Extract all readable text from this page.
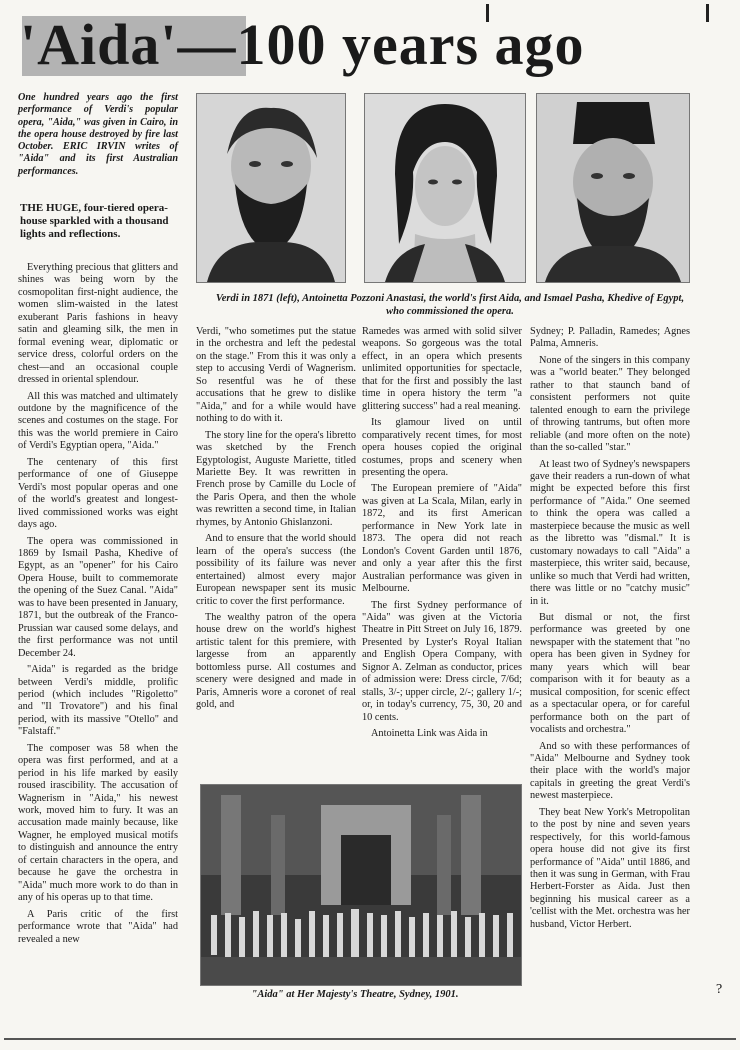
'Aida'—100 years ago
One hundred years ago the first performance of Verdi's popular opera, "Aida," was given in Cairo, in the opera house destroyed by fire last October. ERIC IRVIN writes of "Aida" and its first Australian performances.
THE HUGE, four-tiered opera-house sparkled with a thousand lights and reflections.
Verdi in 1871 (left), Antoinetta Pozzoni Anastasi, the world's first Aida, and Ismael Pasha, Khedive of Egypt, who commissioned the opera.

Everything precious that glitters and shines was being worn by the cosmopolitan first-night audience, the women slim-waisted in the latest exuberant Paris fashions in heavy satin and gleaming silk, the men in formal evening wear, diplomatic or service dress, colorful orders on the chest—and an occasional couple dressed in oriental splendour.

All this was matched and ultimately outdone by the magnificence of the scenes and costumes on the stage. For this was the world premiere in Cairo of Verdi's Egyptian opera, "Aida."

The centenary of this first performance of one of Giuseppe Verdi's most popular operas and one of the world's greatest and longest-lived commissioned works was eight days ago.

The opera was commissioned in 1869 by Ismail Pasha, Khedive of Egypt, as an "opener" for his Cairo Opera House, built to commemorate the opening of the Suez Canal. "Aida" was to have been presented in January, 1871, but the outbreak of the Franco-Prussian war caused some delays, and the first performance was not until December 24.

"Aida" is regarded as the bridge between Verdi's middle, prolific period (which includes "Rigoletto" and "Il Trovatore") and his final period, with its massive "Otello" and "Falstaff."

The composer was 58 when the opera was first performed, and at a period in his life marked by easily roused irascibility. The accusation of Wagnerism in "Aida," his newest work, moved him to fury. It was an accusation made mainly because, like Wagner, he employed musical motifs to distinguish and announce the entry of certain characters in the opera, and because he gave the orchestra in "Aida" much more work to do than in any of his operas up to that time.

A Paris critic of the first performance wrote that "Aida" had revealed a new

Verdi, "who sometimes put the statue in the orchestra and left the pedestal on the stage." From this it was only a step to accusing Verdi of Wagnerism. So resentful was he of these accusations that he grew to dislike "Aida," and for a while would have nothing to do with it.

The story line for the opera's libretto was sketched by the French Egyptologist, Auguste Mariette, titled Mariette Bey. It was rewritten in French prose by Camille du Locle of the Paris Opera, and then the whole was rewritten a second time, in Italian rhymes, by Antonio Ghislanzoni.

And to ensure that the world should learn of the opera's success (the possibility of its failure was never entertained) almost every major European newspaper sent its music critic to cover the first performance.

The wealthy patron of the opera house drew on the world's highest artistic talent for this premiere, with largesse from an apparently bottomless purse. All costumes and scenery were designed and made in Paris, Amneris wore a coronet of real gold, and

Ramedes was armed with solid silver weapons. So gorgeous was the total effect, in an opera which presents unlimited opportunities for spectacle, that for the first and possibly the last time in opera history the term "a glittering success" had a real meaning.

Its glamour lived on until comparatively recent times, for most opera houses copied the original costumes, props and scenery when presenting the opera.

The European premiere of "Aida" was given at La Scala, Milan, early in 1872, and its first American performance in New York late in 1873. The opera did not reach London's Covent Garden until 1876, and only a year after this the first Australian performance was given in Melbourne.

The first Sydney performance of "Aida" was given at the Victoria Theatre in Pitt Street on July 16, 1879. Presented by Lyster's Royal Italian and English Opera Company, with Signor A. Zelman as conductor, prices of admission were: Dress circle, 7/6d; stalls, 3/-; upper circle, 2/-; gallery 1/-; or, in today's currency, 75, 30, 20 and 10 cents.

Antoinetta Link was Aida in

Sydney; P. Palladin, Ramedes; Agnes Palma, Amneris.

None of the singers in this company was a "world beater." They belonged rather to that staunch band of consistent performers not quite talented enough to earn the privilege of throwing tantrums, but often more reliable (and more often on the note) than the so-called "star."

At least two of Sydney's newspapers gave their readers a run-down of what might be expected before this first performance of "Aida." One seemed to think the opera was called a masterpiece because the music as well as the libretto was "dismal." It is customary nowadays to call "Aida" a masterpiece, this writer said, because, unlike so much that Verdi had written, there was little or no "catchy music" in it.

But dismal or not, the first performance was greeted by one newspaper with the statement that "no opera has been given in Sydney for many years which will bear comparison with it for beauty as a musical composition, for scenic effect as a spectacular opera, or for careful performance both on the part of vocalists and orchestra."

And so with these performances of "Aida" Melbourne and Sydney took their place with the world's major capitals in greeting the great Verdi's newest masterpiece.

They beat New York's Metropolitan to the post by nine and seven years respectively, for this world-famous opera house did not give its first performance of "Aida" until 1886, and then it was sung in German, with Frau Herbert-Forster as Aida. Just then beginning his musical career as a 'cellist with the Met. orchestra was her husband, Victor Herbert.

"Aida" at Her Majesty's Theatre, Sydney, 1901.	?
